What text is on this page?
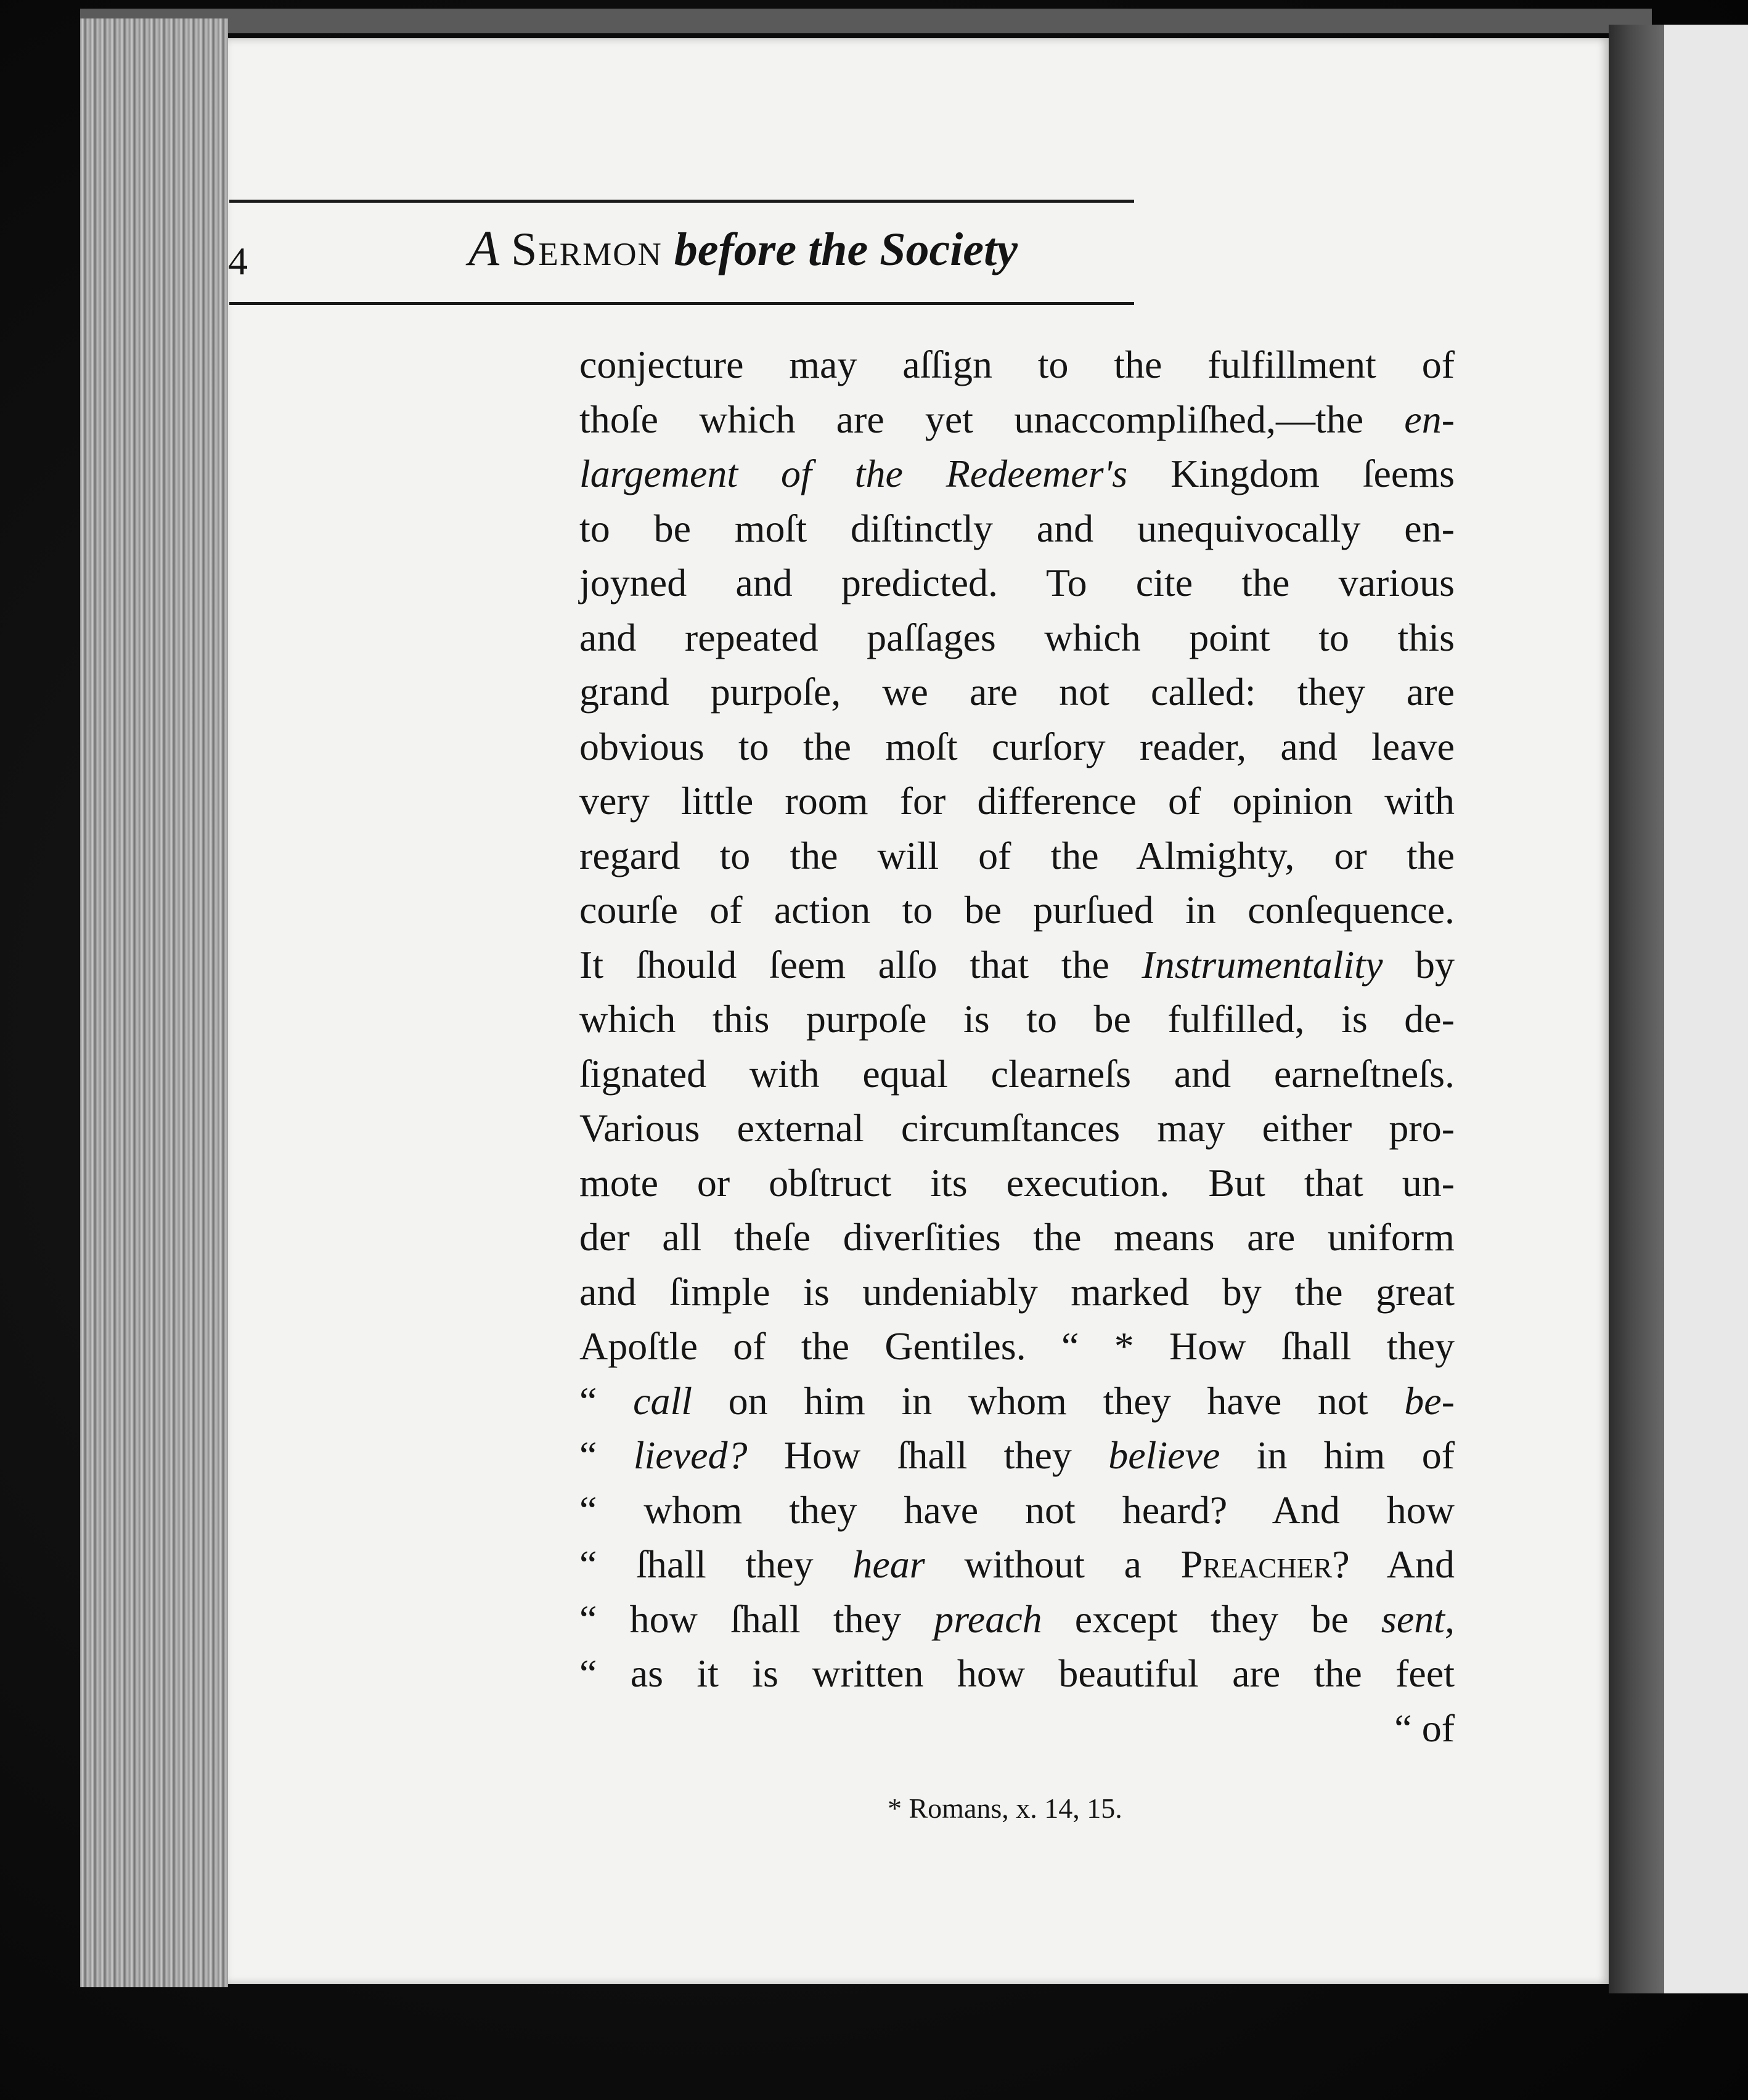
4	A Sermon before the Society
conjecture may aſſign to the fulfillment of
thoſe which are yet unaccompliſhed,—the en-
largement of the Redeemer's Kingdom ſeems
to be moſt diſtinctly and unequivocally en-
joyned and predicted. To cite the various
and repeated paſſages which point to this
grand purpoſe, we are not called: they are
obvious to the moſt curſory reader, and leave
very little room for difference of opinion with
regard to the will of the Almighty, or the
courſe of action to be purſued in conſequence.
It ſhould ſeem alſo that the Instrumentality by
which this purpoſe is to be fulfilled, is de-
ſignated with equal clearneſs and earneſtneſs.
Various external circumſtances may either pro-
mote or obſtruct its execution. But that un-
der all theſe diverſities the means are uniform
and ſimple is undeniably marked by the great
Apoſtle of the Gentiles. “ * How ſhall they
“ call on him in whom they have not be-
“ lieved? How ſhall they believe in him of
“ whom they have not heard? And how
“ ſhall they hear without a Preacher? And
“ how ſhall they preach except they be sent,
“ as it is written how beautiful are the feet
“ of
* Romans, x. 14, 15.
